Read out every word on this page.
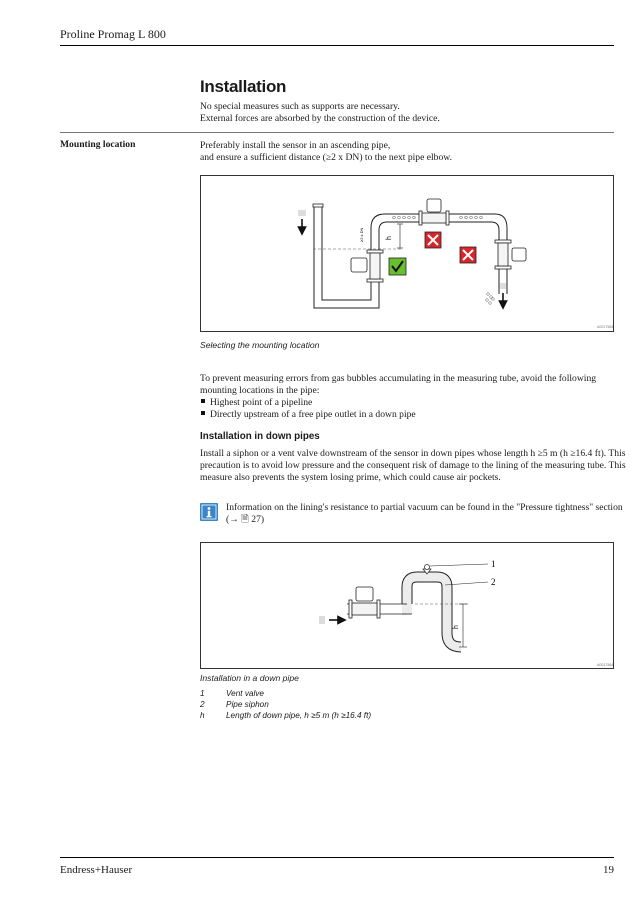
Proline Promag L 800
Installation
No special measures such as supports are necessary.
External forces are absorbed by the construction of the device.
Mounting location	Preferably install the sensor in an ascending pipe,
and ensure a sufficient distance (≥2 x DN) to the next pipe elbow.
h
≥2 x DN
A0017584
Selecting the mounting location
To prevent measuring errors from gas bubbles accumulating in the measuring tube, avoid the following
mounting locations in the pipe:
Highest point of a pipeline
Directly upstream of a free pipe outlet in a down pipe
Installation in down pipes
Install a siphon or a vent valve downstream of the sensor in down pipes whose length h ≥5 m (h ≥16.4 ft). This
precaution is to avoid low pressure and the consequent risk of damage to the lining of the measuring tube. This
measure also prevents the system losing prime, which could cause air pockets.
Information on the lining's resistance to partial vacuum can be found in the "Pressure tightness" section
(→ 🗎 27)
1
2
h
A0017564
Installation in a down pipe
1	Vent valve
2	Pipe siphon
h	Length of down pipe, h ≥5 m (h ≥16.4 ft)
Endress+Hauser	19
